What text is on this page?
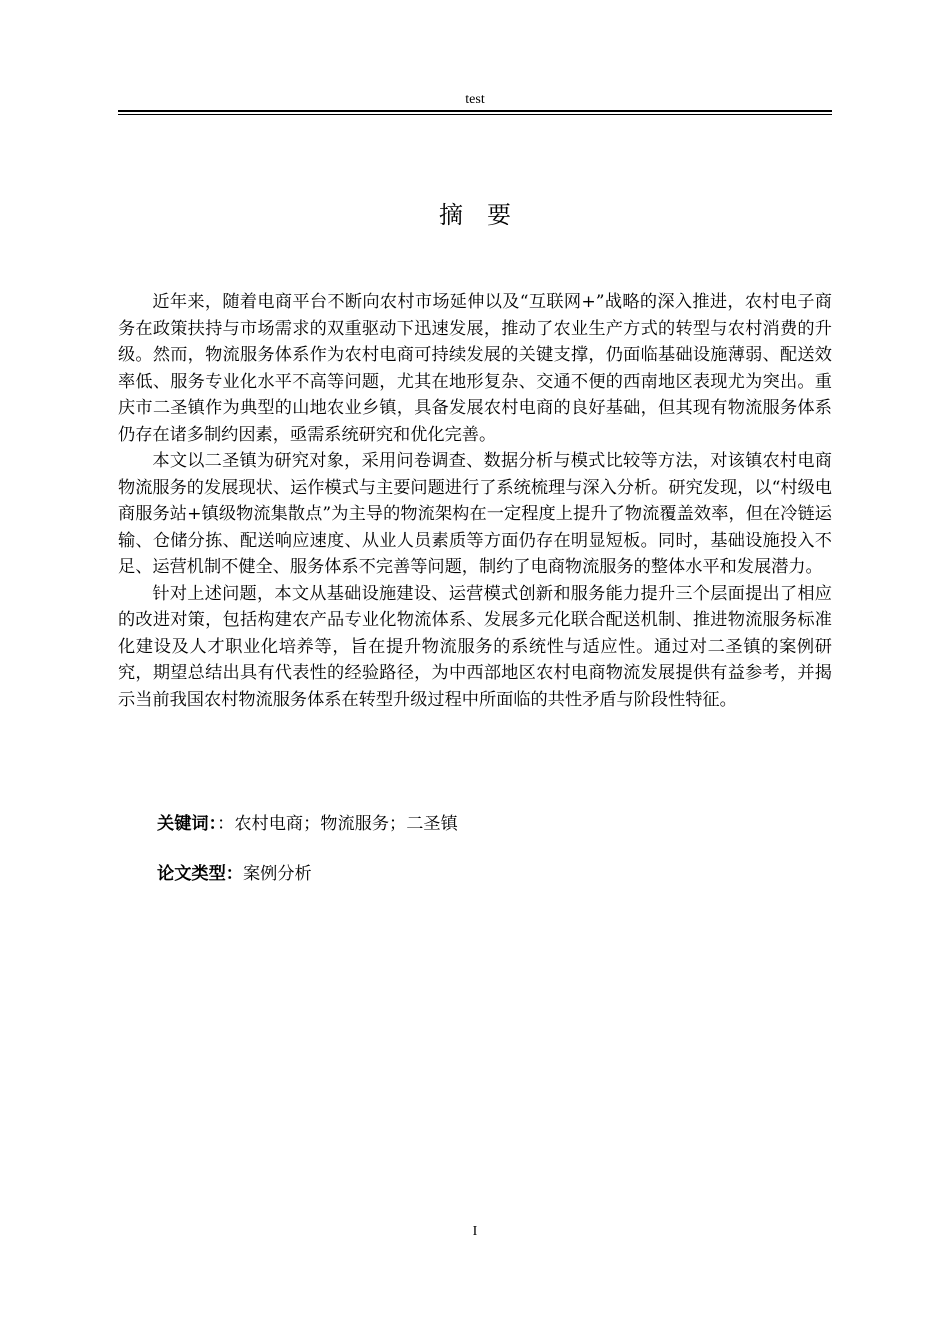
test
摘要

近年来，随着电商平台不断向农村市场延伸以及“互联网+”战略的深入推进，农村电子商务在政策扶持与市场需求的双重驱动下迅速发展，推动了农业生产方式的转型与农村消费的升级。然而，物流服务体系作为农村电商可持续发展的关键支撑，仍面临基础设施薄弱、配送效率低、服务专业化水平不高等问题，尤其在地形复杂、交通不便的西南地区表现尤为突出。重庆市二圣镇作为典型的山地农业乡镇，具备发展农村电商的良好基础，但其现有物流服务体系仍存在诸多制约因素，亟需系统研究和优化完善。

本文以二圣镇为研究对象，采用问卷调查、数据分析与模式比较等方法，对该镇农村电商物流服务的发展现状、运作模式与主要问题进行了系统梳理与深入分析。研究发现，以“村级电商服务站+镇级物流集散点”为主导的物流架构在一定程度上提升了物流覆盖效率，但在冷链运输、仓储分拣、配送响应速度、从业人员素质等方面仍存在明显短板。同时，基础设施投入不足、运营机制不健全、服务体系不完善等问题，制约了电商物流服务的整体水平和发展潜力。

针对上述问题，本文从基础设施建设、运营模式创新和服务能力提升三个层面提出了相应的改进对策，包括构建农产品专业化物流体系、发展多元化联合配送机制、推进物流服务标准化建设及人才职业化培养等，旨在提升物流服务的系统性与适应性。通过对二圣镇的案例研究，期望总结出具有代表性的经验路径，为中西部地区农村电商物流发展提供有益参考，并揭示当前我国农村物流服务体系在转型升级过程中所面临的共性矛盾与阶段性特征。

关键词：：农村电商；物流服务；二圣镇
论文类型：案例分析
I
